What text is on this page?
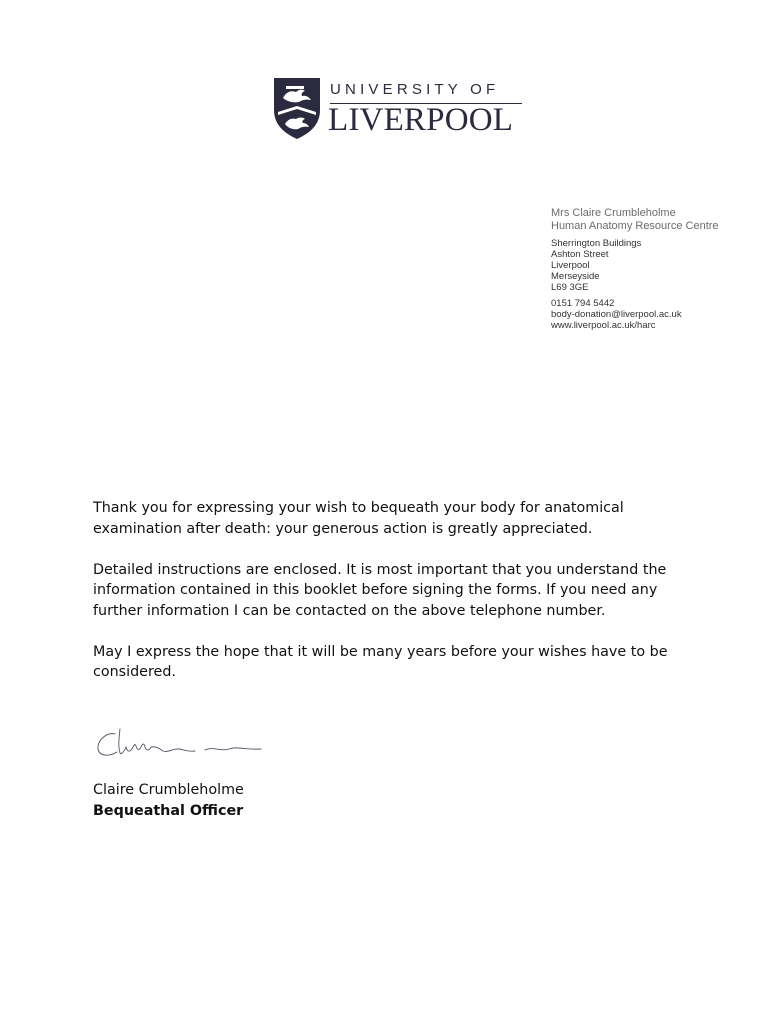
UNIVERSITY OF
LIVERPOOL
Mrs Claire Crumbleholme
Human Anatomy Resource Centre
Sherrington Buildings
Ashton Street
Liverpool
Merseyside
L69 3GE
0151 794 5442
body-donation@liverpool.ac.uk
www.liverpool.ac.uk/harc

Thank you for expressing your wish to bequeath your body for anatomical examination after death: your generous action is greatly appreciated.

Detailed instructions are enclosed. It is most important that you understand the information contained in this booklet before signing the forms. If you need any further information I can be contacted on the above telephone number.

May I express the hope that it will be many years before your wishes have to be considered.

Claire Crumbleholme
Bequeathal Officer
